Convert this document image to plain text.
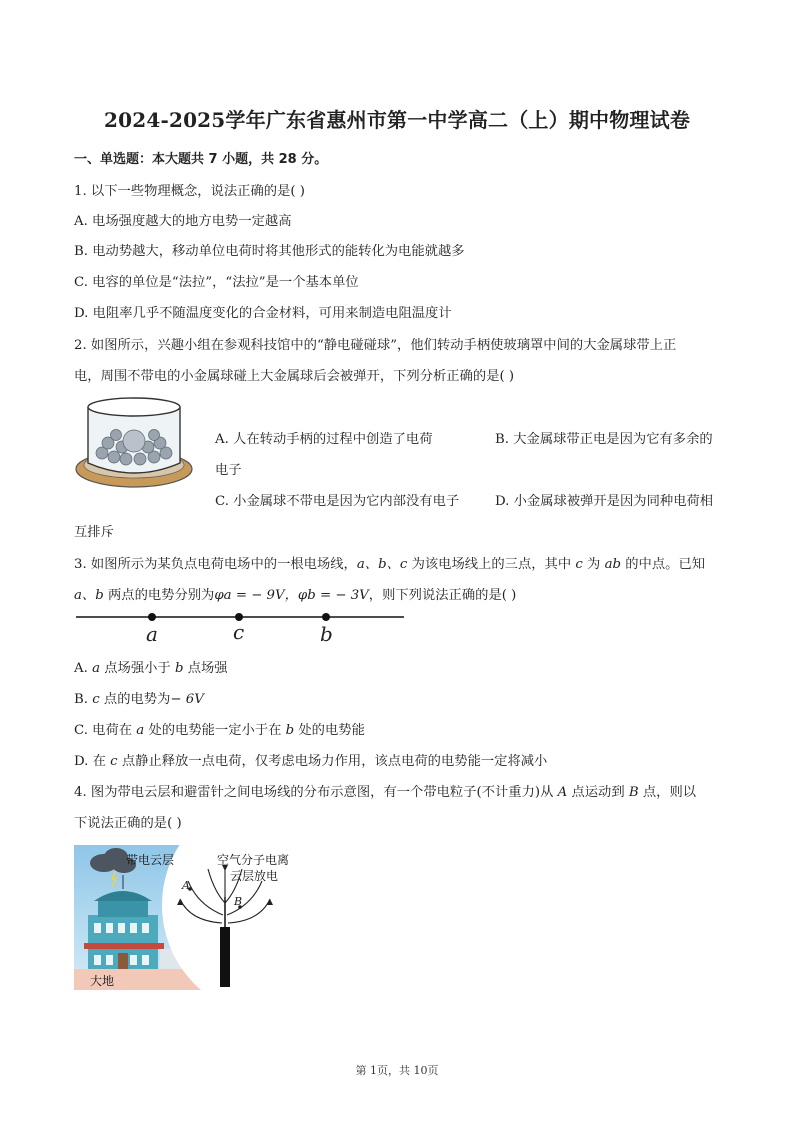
2024-2025学年广东省惠州市第一中学高二（上）期中物理试卷
一、单选题：本大题共 7 小题，共 28 分。
1. 以下一些物理概念，说法正确的是( )
A. 电场强度越大的地方电势一定越高
B. 电动势越大，移动单位电荷时将其他形式的能转化为电能就越多
C. 电容的单位是“法拉”，“法拉”是一个基本单位
D. 电阻率几乎不随温度变化的合金材料，可用来制造电阻温度计
2. 如图所示，兴趣小组在参观科技馆中的“静电碰碰球”，他们转动手柄使玻璃罩中间的大金属球带上正
电，周围不带电的小金属球碰上大金属球后会被弹开，下列分析正确的是( )
A. 人在转动手柄的过程中创造了电荷	B. 大金属球带正电是因为它有多余的
电子
C. 小金属球不带电是因为它内部没有电子	D. 小金属球被弹开是因为同种电荷相
互排斥
3. 如图所示为某负点电荷电场中的一根电场线，a、b、c 为该电场线上的三点，其中 c 为 ab 的中点。已知
a、b 两点的电势分别为φa = − 9V，φb = − 3V，则下列说法正确的是( )
a	c	b
A. a 点场强小于 b 点场强
B. c 点的电势为− 6V
C. 电荷在 a 处的电势能一定小于在 b 处的电势能
D. 在 c 点静止释放一点电荷，仅考虑电场力作用，该点电荷的电势能一定将减小
4. 图为带电云层和避雷针之间电场线的分布示意图，有一个带电粒子(不计重力)从 A 点运动到 B 点，则以
下说法正确的是( )
带电云层	空气分子电离
云层放电
大地
A
B
第 1页，共 10页
